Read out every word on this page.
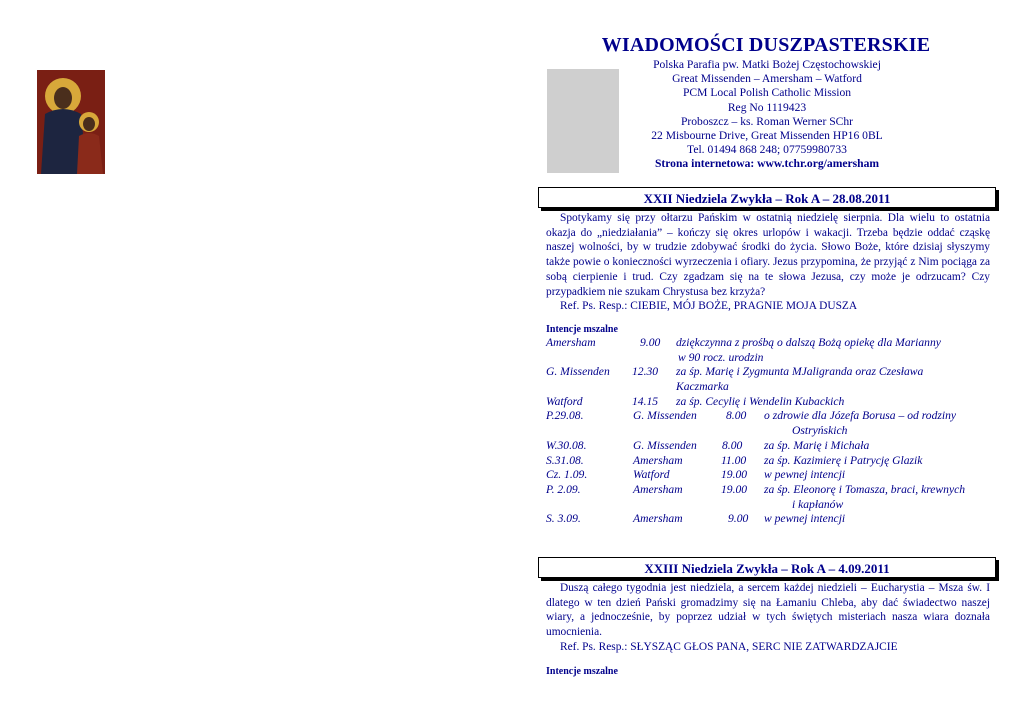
WIADOMOŚCI DUSZPASTERSKIE
Polska Parafia pw. Matki Bożej Częstochowskiej
Great Missenden – Amersham – Watford
PCM Local Polish Catholic Mission
Reg No 1119423
Proboszcz – ks. Roman Werner SChr
22 Misbourne Drive, Great Missenden HP16 0BL
Tel. 01494 868 248; 07759980733
Strona internetowa: www.tchr.org/amersham
XXII Niedziela Zwykła – Rok A – 28.08.2011

Spotykamy się przy ołtarzu Pańskim w ostatnią niedzielę sierpnia. Dla wielu to ostatnia okazja do „niedziałania” – kończy się okres urlopów i wakacji. Trzeba będzie oddać cząskę naszej wolności, by w trudzie zdobywać środki do życia. Słowo Boże, które dzisiaj słyszymy także powie o konieczności wyrzeczenia i ofiary. Jezus przypomina, że przyjąć z Nim pociąga za sobą cierpienie i trud. Czy zgadzam się na te słowa Jezusa, czy może je odrzucam? Czy przypadkiem nie szukam Chrystusa bez krzyża?

Ref. Ps. Resp.: CIEBIE, MÓJ BOŻE, PRAGNIE MOJA DUSZA

Intencje mszalne
Amersham	9.00 dziękczynna z prośbą o dalszą Bożą opiekę dla Marianny
w 90 rocz. urodzin
G. Missenden 12.30 za śp. Marię i Zygmunta MJaligranda oraz Czesława
Kaczmarka
Watford	14.15 za śp. Cecylię i Wendelin Kubackich
P.29.08.	G. Missenden	8.00 o zdrowie dla Józefa Borusa – od rodziny
Ostryńskich
W.30.08.	G. Missenden 8.00 za śp. Marię i Michała
S.31.08.	Amersham	11.00 za śp. Kazimierę i Patrycję Glazik
Cz. 1.09.	Watford	19.00 w pewnej intencji
P. 2.09.	Amersham	19.00 za śp. Eleonorę i Tomasza, braci, krewnych
i kapłanów
S. 3.09.	Amersham	9.00 w pewnej intencji
XXIII Niedziela Zwykła – Rok A – 4.09.2011

Duszą całego tygodnia jest niedziela, a sercem każdej niedzieli – Eucharystia – Msza św. I dlatego w ten dzień Pański gromadzimy się na Łamaniu Chleba, aby dać świadectwo naszej wiary, a jednocześnie, by poprzez udział w tych świętych misteriach nasza wiara doznała umocnienia.

Ref. Ps. Resp.: SŁYSZĄC GŁOS PANA, SERC NIE ZATWARDZAJCIE

Intencje mszalne
